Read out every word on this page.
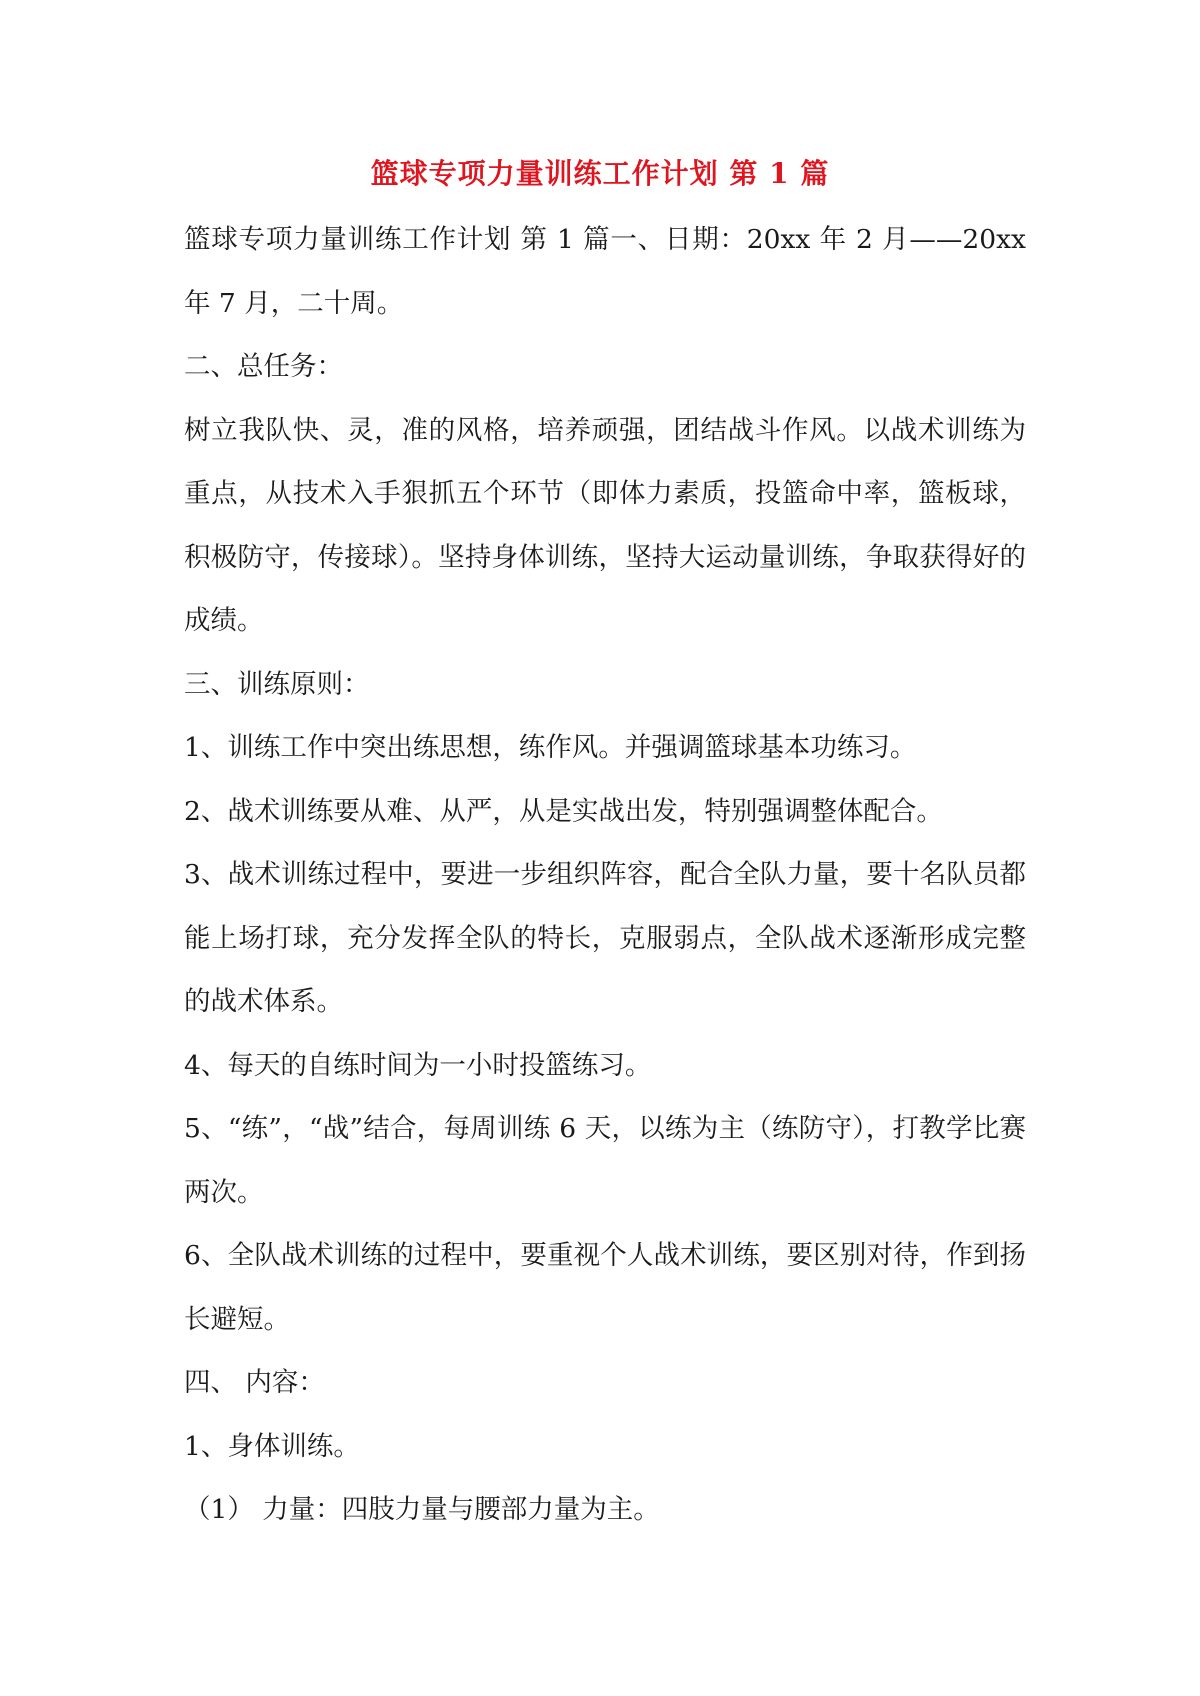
篮球专项力量训练工作计划 第 1 篇

篮球专项力量训练工作计划 第 1 篇一、日期：20xx 年 2 月——20xx 年 7 月，二十周。

二、总任务：

树立我队快、灵，准的风格，培养顽强，团结战斗作风。以战术训练为重点，从技术入手狠抓五个环节（即体力素质，投篮命中率，篮板球，积极防守，传接球）。坚持身体训练，坚持大运动量训练，争取获得好的成绩。

三、训练原则：

1、训练工作中突出练思想，练作风。并强调篮球基本功练习。

2、战术训练要从难、从严，从是实战出发，特别强调整体配合。

3、战术训练过程中，要进一步组织阵容，配合全队力量，要十名队员都能上场打球，充分发挥全队的特长，克服弱点，全队战术逐渐形成完整的战术体系。

4、每天的自练时间为一小时投篮练习。

5、“练”，“战”结合，每周训练 6 天，以练为主（练防守），打教学比赛两次。

6、全队战术训练的过程中，要重视个人战术训练，要区别对待，作到扬长避短。

四、 内容：

1、身体训练。

（1） 力量：四肢力量与腰部力量为主。
